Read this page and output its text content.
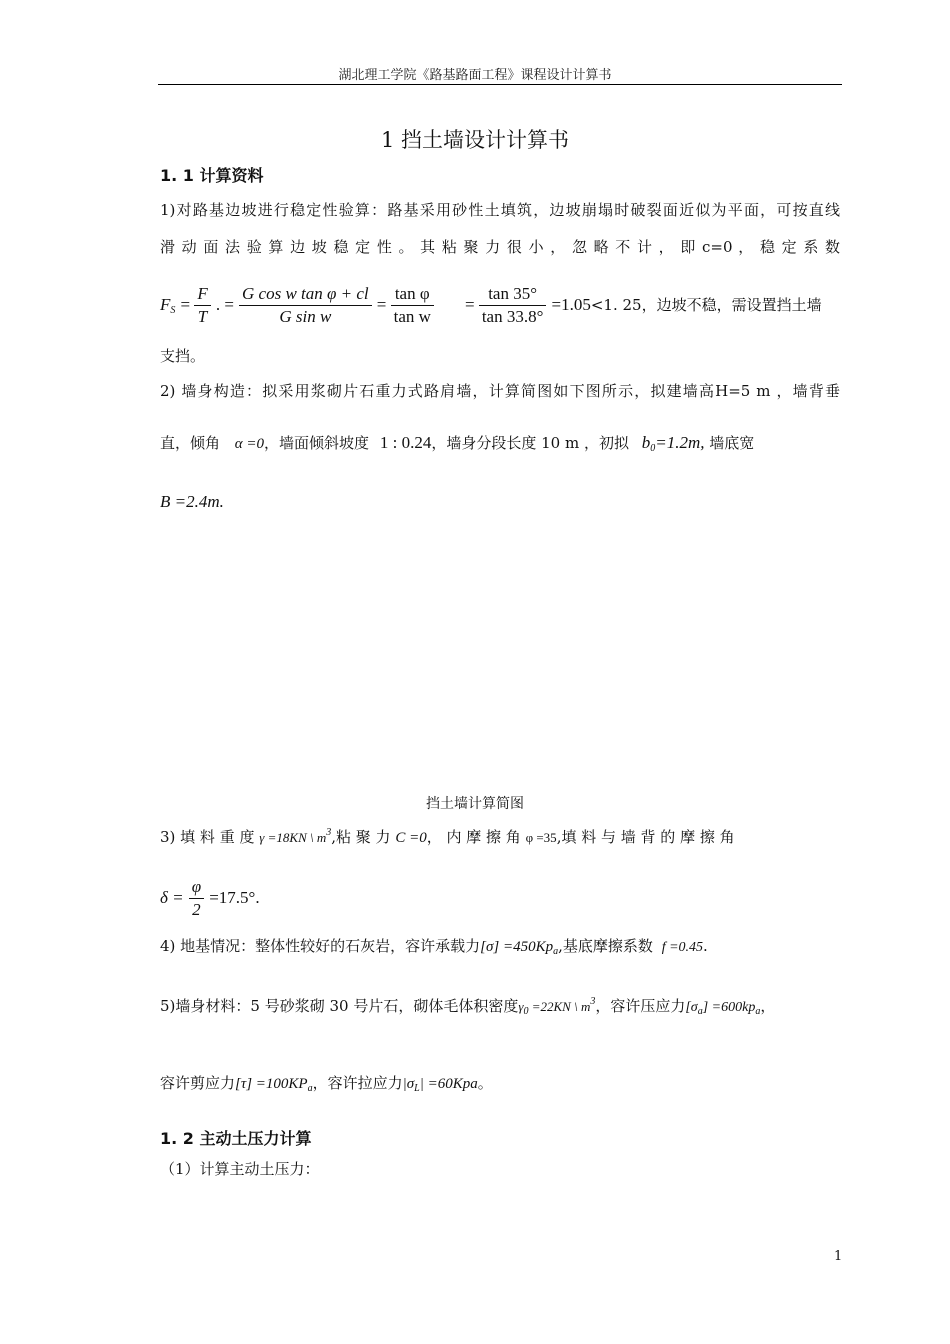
湖北理工学院《路基路面工程》课程设计计算书
1 挡土墙设计计算书
1. 1 计算资料
1)对路基边坡进行稳定性验算：路基采用砂性土填筑，边坡崩塌时破裂面近似为平面，可按直线
滑 动 面 法 验 算 边 坡 稳 定 性 。 其 粘 聚 力 很 小 ， 忽 略 不 计 ， 即 c=0 ， 稳 定 系 数
$F_S = \frac{F}{T}$ . = $\frac{\text{G cos w tan φ + cl}}{\text{G sin w}} = \frac{\text{tan φ}}{\text{tan w}} = \frac{\tan 35^\circ}{\tan 33.8^\circ} =1.05<1$. 25，边坡不稳，需设置挡土墙
支挡。
2) 墙身构造：拟采用浆砌片石重力式路肩墙，计算简图如下图所示，拟建墙高H=5 m ，墙背垂
直，倾角 α =0，墙面倾斜坡度 1 : 0.24，墙身分段长度 10 m ，初拟 $b_0=1.2m$, 墙底宽
B =2.4m.
挡土墙计算简图
3) 填 料 重 度 γ =18KN \ $m^3$,粘 聚 力 C =0， 内 摩 擦 角 φ =35,填 料 与 墙 背 的 摩 擦 角
$\delta = \frac{\varphi}{2} =17.5^\circ$.
4) 地基情况：整体性较好的石灰岩，容许承载力$[\sigma] =450Kp_a$,基底摩擦系数 f =0.45.
5)墙身材料：5 号砂浆砌 30 号片石，砌体毛体积密度$\gamma_0 =22KN$ \ $m^3$，容许压应力$[\sigma_a] =600kp_a$，
容许剪应力$[\tau] =100KP_a$，容许拉应力$|\sigma_L| =60Kpa$。
1. 2 主动土压力计算
（1）计算主动土压力：
1
